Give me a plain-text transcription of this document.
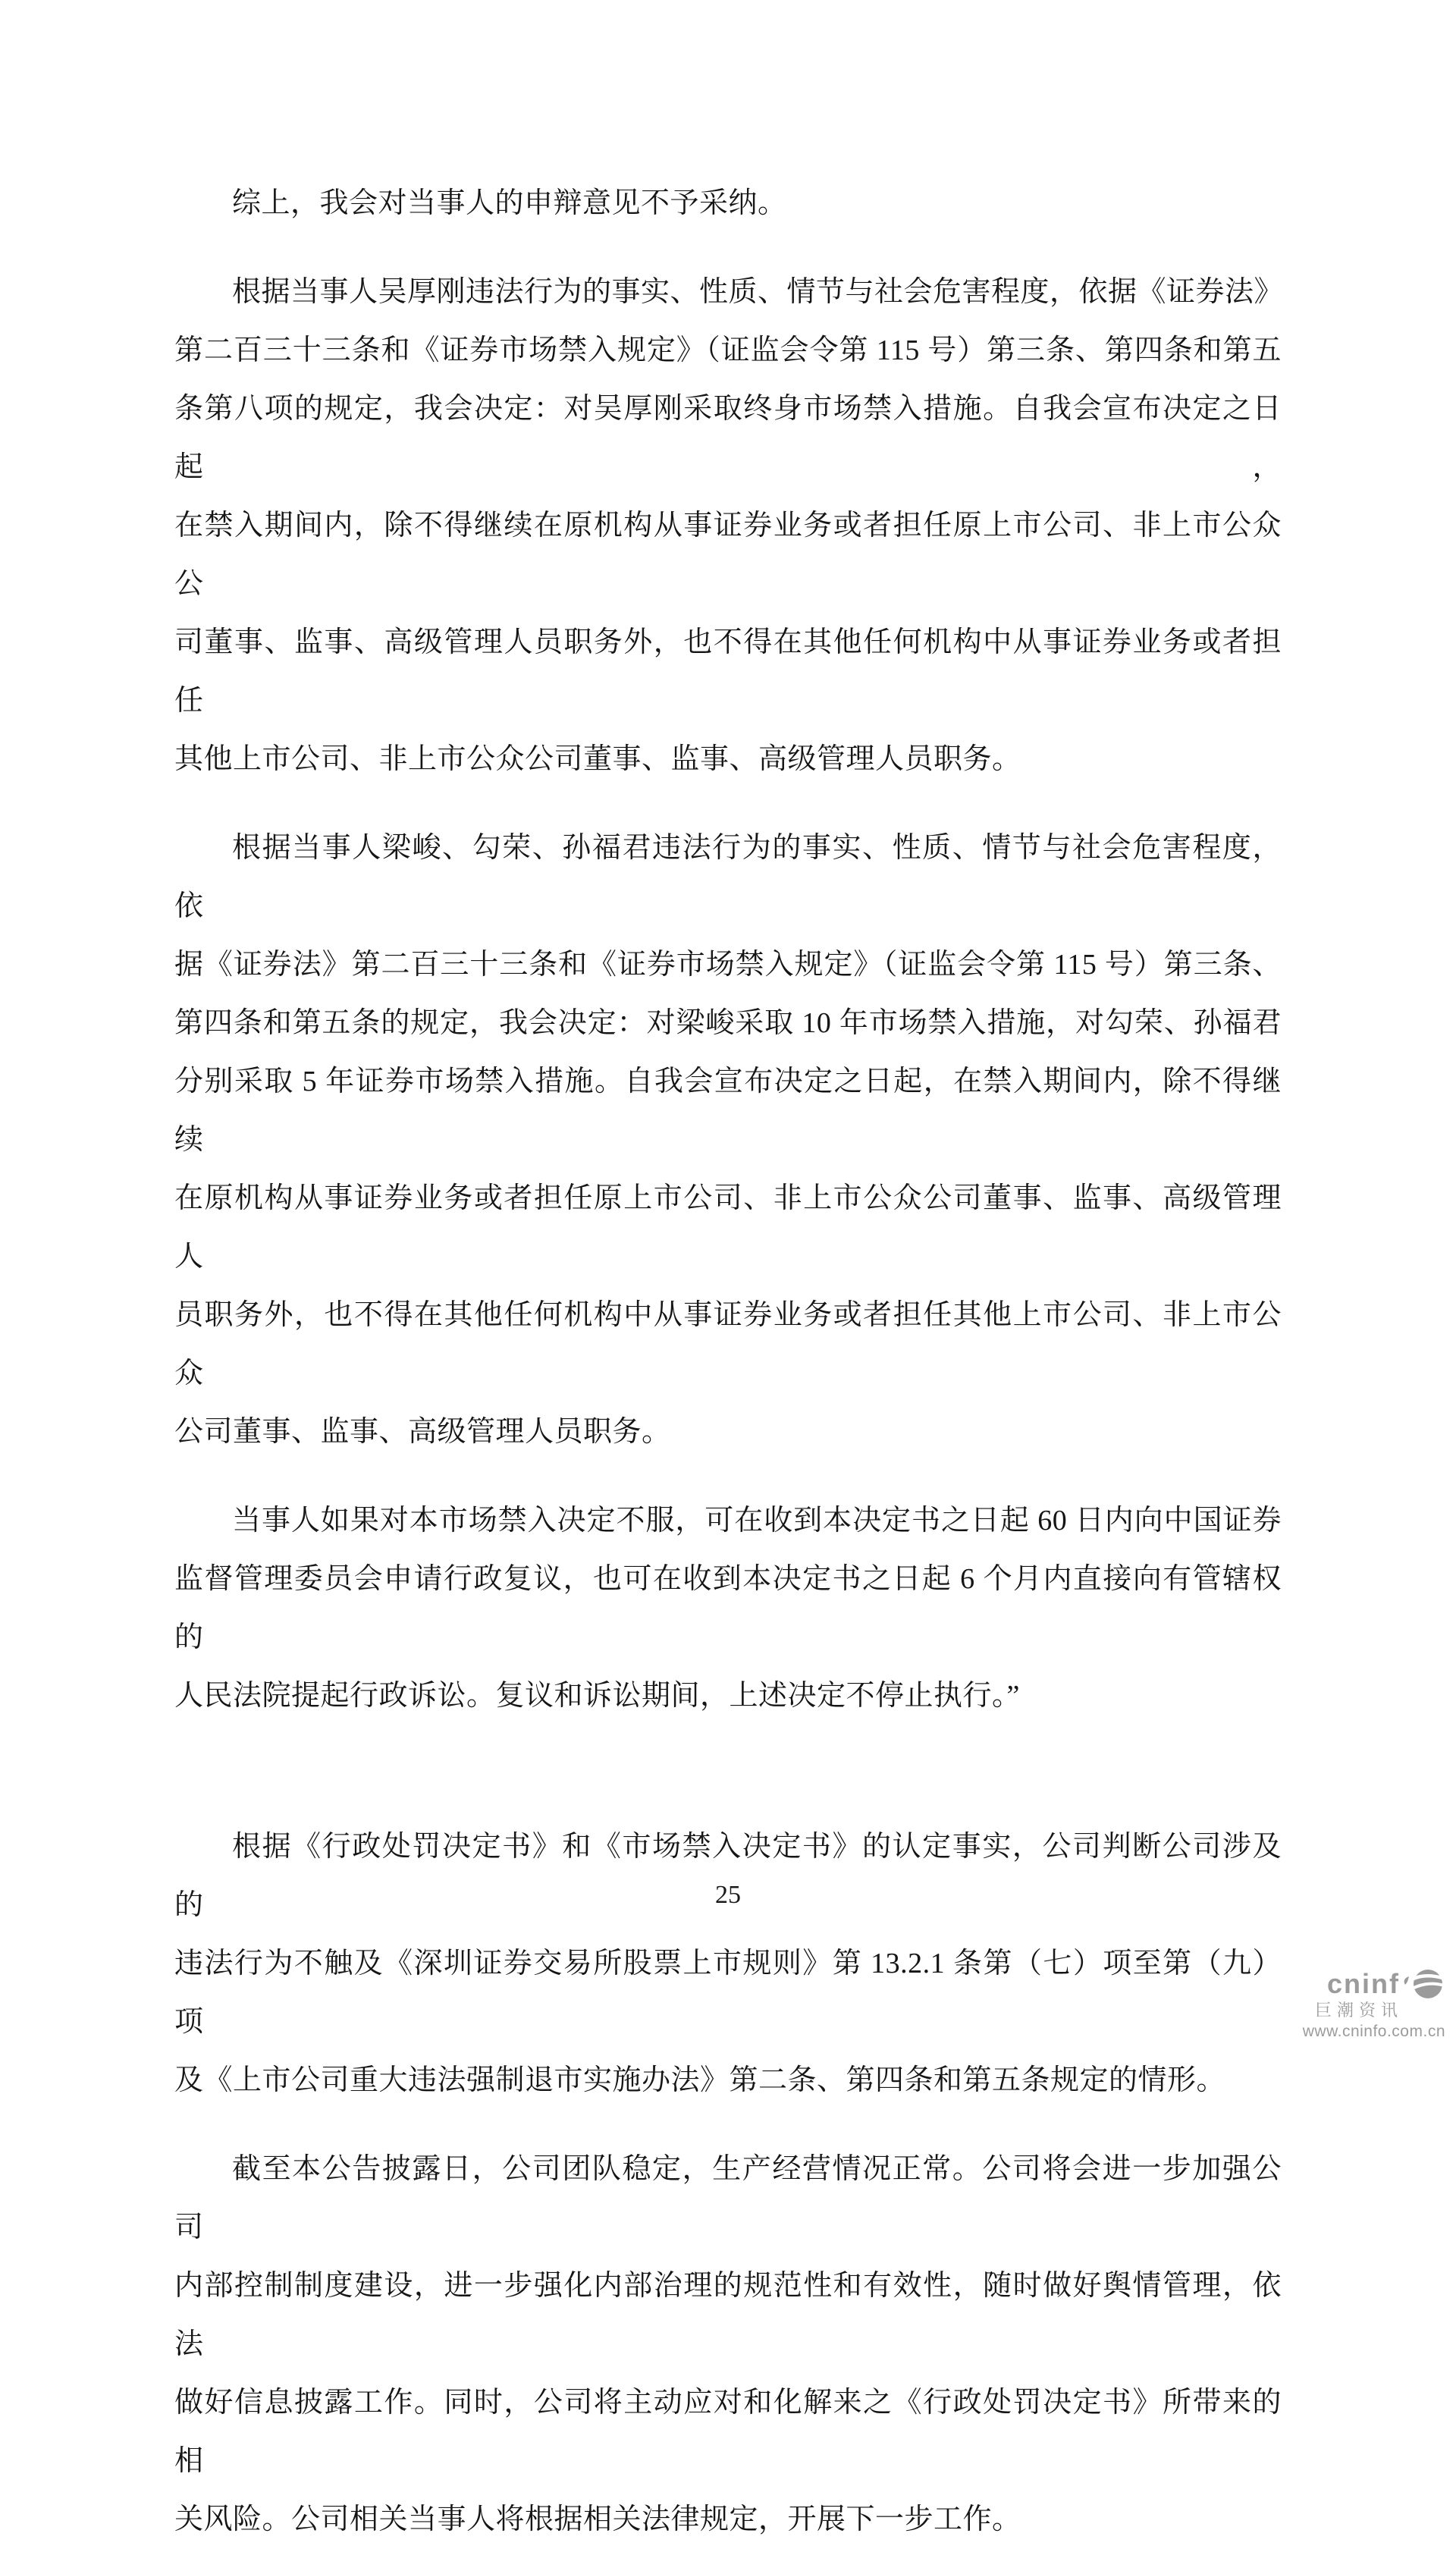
综上，我会对当事人的申辩意见不予采纳。

根据当事人吴厚刚违法行为的事实、性质、情节与社会危害程度，依据《证券法》
第二百三十三条和《证券市场禁入规定》（证监会令第 115 号）第三条、第四条和第五
条第八项的规定，我会决定：对吴厚刚采取终身市场禁入措施。自我会宣布决定之日起，
在禁入期间内，除不得继续在原机构从事证券业务或者担任原上市公司、非上市公众公
司董事、监事、高级管理人员职务外，也不得在其他任何机构中从事证券业务或者担任
其他上市公司、非上市公众公司董事、监事、高级管理人员职务。

根据当事人梁峻、勾荣、孙福君违法行为的事实、性质、情节与社会危害程度，依
据《证券法》第二百三十三条和《证券市场禁入规定》（证监会令第 115 号）第三条、
第四条和第五条的规定，我会决定：对梁峻采取 10 年市场禁入措施，对勾荣、孙福君
分别采取 5 年证券市场禁入措施。自我会宣布决定之日起，在禁入期间内，除不得继续
在原机构从事证券业务或者担任原上市公司、非上市公众公司董事、监事、高级管理人
员职务外，也不得在其他任何机构中从事证券业务或者担任其他上市公司、非上市公众
公司董事、监事、高级管理人员职务。

当事人如果对本市场禁入决定不服，可在收到本决定书之日起 60 日内向中国证券
监督管理委员会申请行政复议，也可在收到本决定书之日起 6 个月内直接向有管辖权的
人民法院提起行政诉讼。复议和诉讼期间，上述决定不停止执行。”

根据《行政处罚决定书》和《市场禁入决定书》的认定事实，公司判断公司涉及的
违法行为不触及《深圳证券交易所股票上市规则》第 13.2.1 条第（七）项至第（九）项
及《上市公司重大违法强制退市实施办法》第二条、第四条和第五条规定的情形。

截至本公告披露日，公司团队稳定，生产经营情况正常。公司将会进一步加强公司
内部控制制度建设，进一步强化内部治理的规范性和有效性，随时做好舆情管理，依法
做好信息披露工作。同时，公司将主动应对和化解来之《行政处罚决定书》所带来的相
关风险。公司相关当事人将根据相关法律规定，开展下一步工作。

25
cninf
巨潮资讯
www.cninfo.com.cn
